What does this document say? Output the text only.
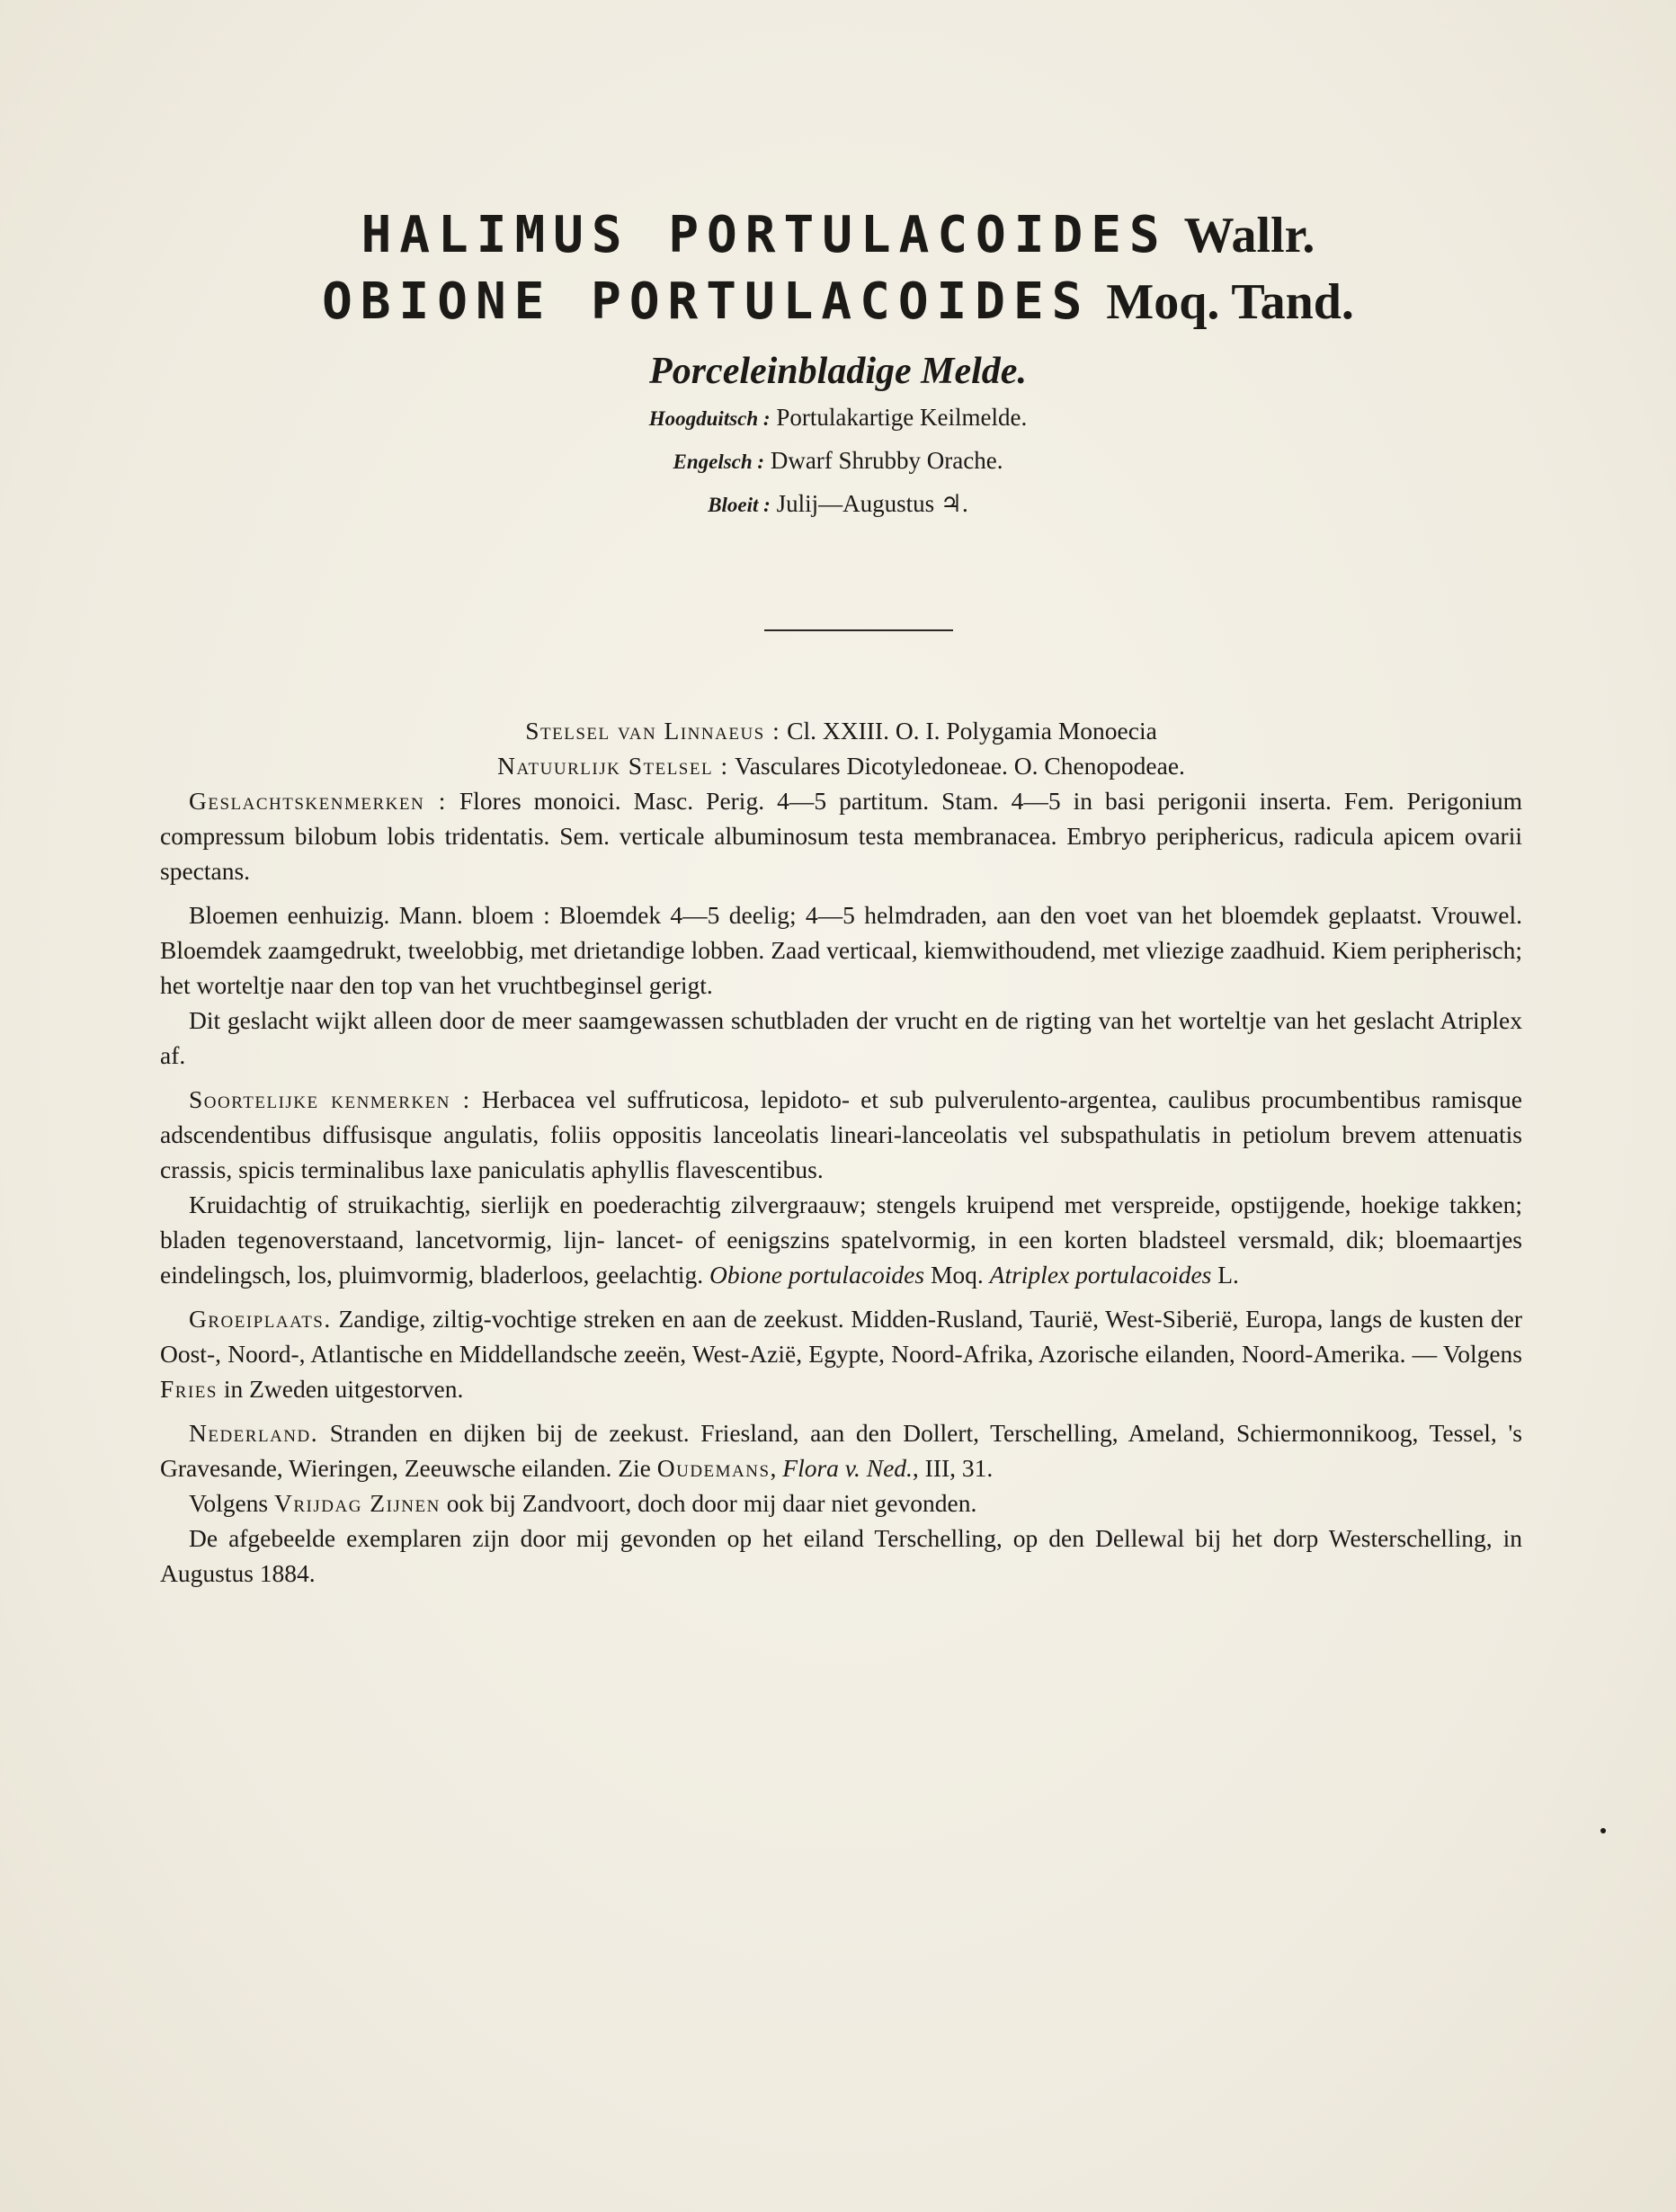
HALIMUS PORTULACOIDES Wallr.
OBIONE PORTULACOIDES Moq. Tand.
Porceleinbladige Melde.
Hoogduitsch : Portulakartige Keilmelde.
Engelsch : Dwarf Shrubby Orache.
Bloeit : Julij—Augustus ♃.
Stelsel van Linnaeus : Cl. XXIII. O. I. Polygamia Monoecia
Natuurlijk Stelsel : Vasculares Dicotyledoneae. O. Chenopodeae.

Geslachtskenmerken : Flores monoici. Masc. Perig. 4—5 partitum. Stam. 4—5 in basi perigonii inserta. Fem. Perigonium compressum bilobum lobis tridentatis. Sem. verticale albuminosum testa membranacea. Embryo periphericus, radicula apicem ovarii spectans.

Bloemen eenhuizig. Mann. bloem : Bloemdek 4—5 deelig; 4—5 helmdraden, aan den voet van het bloemdek geplaatst. Vrouwel. Bloemdek zaamgedrukt, tweelobbig, met drietandige lobben. Zaad verticaal, kiemwithoudend, met vliezige zaadhuid. Kiem peripherisch; het worteltje naar den top van het vruchtbeginsel gerigt.

Dit geslacht wijkt alleen door de meer saamgewassen schutbladen der vrucht en de rigting van het worteltje van het geslacht Atriplex af.

Soortelijke kenmerken : Herbacea vel suffruticosa, lepidoto- et sub pulverulento-argentea, caulibus procumbentibus ramisque adscendentibus diffusisque angulatis, foliis oppositis lanceolatis lineari-lanceolatis vel subspathulatis in petiolum brevem attenuatis crassis, spicis terminalibus laxe paniculatis aphyllis flavescentibus.

Kruidachtig of struikachtig, sierlijk en poederachtig zilvergraauw; stengels kruipend met verspreide, opstijgende, hoekige takken; bladen tegenoverstaand, lancetvormig, lijn- lancet- of eenigszins spatelvormig, in een korten bladsteel versmald, dik; bloemaartjes eindelingsch, los, pluimvormig, bladerloos, geelachtig. Obione portulacoides Moq. Atriplex portulacoides L.

Groeiplaats. Zandige, ziltig-vochtige streken en aan de zeekust. Midden-Rusland, Taurië, West-Siberië, Europa, langs de kusten der Oost-, Noord-, Atlantische en Middellandsche zeeën, West-Azië, Egypte, Noord-Afrika, Azorische eilanden, Noord-Amerika. — Volgens Fries in Zweden uitgestorven.

Nederland. Stranden en dijken bij de zeekust. Friesland, aan den Dollert, Terschelling, Ameland, Schiermonnikoog, Tessel, 's Gravesande, Wieringen, Zeeuwsche eilanden. Zie Oudemans, Flora v. Ned., III, 31.

Volgens Vrijdag Zijnen ook bij Zandvoort, doch door mij daar niet gevonden.

De afgebeelde exemplaren zijn door mij gevonden op het eiland Terschelling, op den Dellewal bij het dorp Westerschelling, in Augustus 1884.
